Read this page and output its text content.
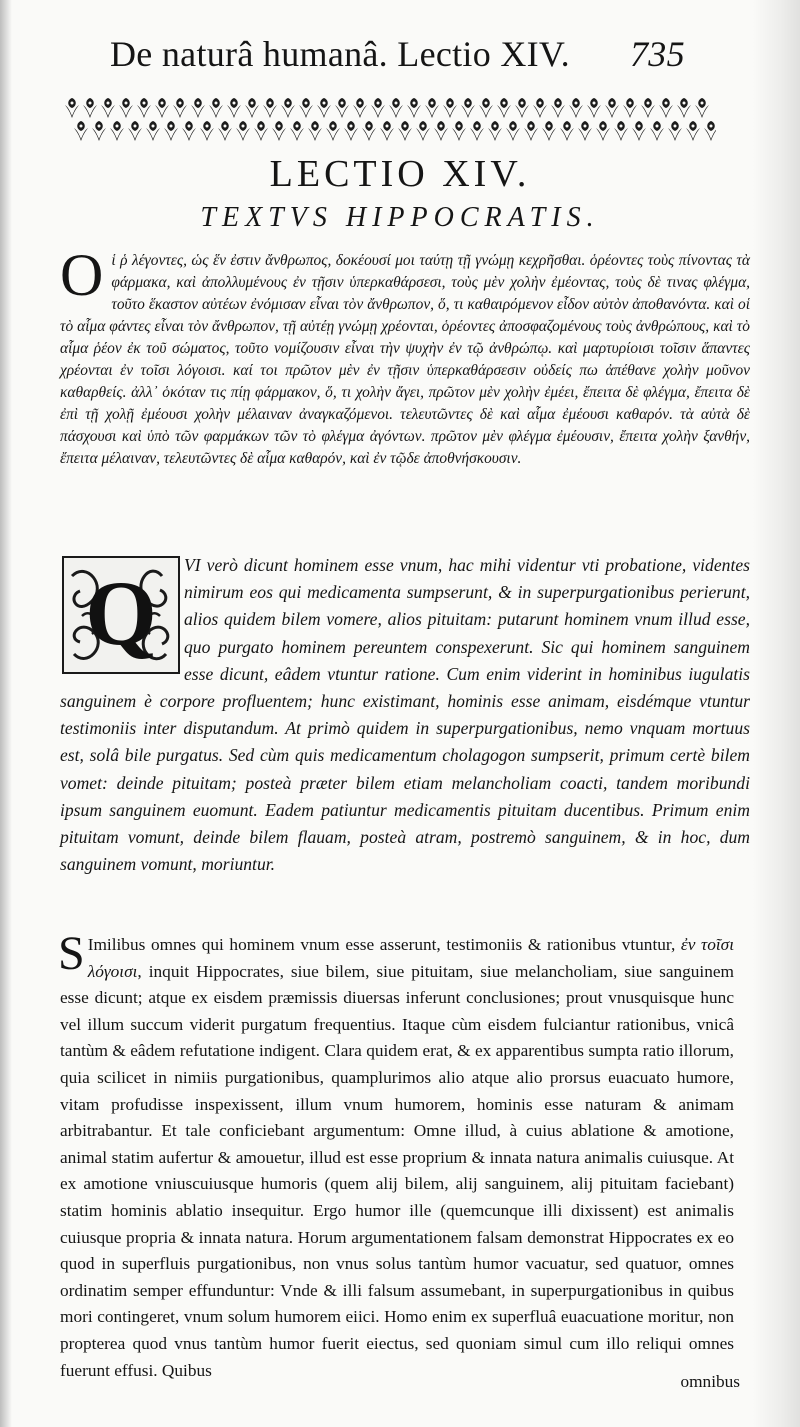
De naturâ humanâ. Lectio XIV. 735
LECTIO XIV.
TEXTVS HIPPOCRATIS.
O ἱ ῥ λέγοντες, ὡς ἕν ἐστιν ἄνθρωπος, δοκέουσί μοι ταύτῃ τῇ γνώμῃ κεχρῆσθαι. ὁρέοντες τοὺς πίνοντας τὰ φάρμακα, καὶ ἀπολλυμένους ἐν τῇσιν ὑπερκαθάρσεσι, τοὺς μὲν χολὴν ἐμέοντας, τοὺς δὲ τινας φλέγμα, τοῦτο ἕκαστον αὐτέων ἐνόμισαν εἶναι τὸν ἄνθρωπον, ὅ, τι καθαιρόμενον εἶδον αὐτὸν ἀποθανόντα. καὶ οἱ τὸ αἷμα φάντες εἶναι τὸν ἄνθρωπον, τῇ αὐτέῃ γνώμῃ χρέονται, ὁρέοντες ἀποσφαζομένους τοὺς ἀνθρώπους, καὶ τὸ αἷμα ῥέον ἐκ τοῦ σώματος, τοῦτο νομίζουσιν εἶναι τὴν ψυχὴν ἐν τῷ ἀνθρώπῳ. καὶ μαρτυρίοισι τοῖσιν ἅπαντες χρέονται ἐν τοῖσι λόγοισι. καί τοι πρῶτον μὲν ἐν τῇσιν ὑπερκαθάρσεσιν οὐδείς πω ἀπέθανε χολὴν μοῦνον καθαρθείς. ἀλλ᾽ ὁκόταν τις πίῃ φάρμακον, ὅ, τι χολὴν ἄγει, πρῶτον μὲν χολὴν ἐμέει, ἔπειτα δὲ φλέγμα, ἔπειτα δὲ ἐπὶ τῇ χολῇ ἐμέουσι χολὴν μέλαιναν ἀναγκαζόμενοι. τελευτῶντες δὲ καὶ αἷμα ἐμέουσι καθαρόν. τὰ αὐτὰ δὲ πάσχουσι καὶ ὑπὸ τῶν φαρμάκων τῶν τὸ φλέγμα ἀγόντων. πρῶτον μὲν φλέγμα ἐμέουσιν, ἔπειτα χολὴν ξανθήν, ἔπειτα μέλαιναν, τελευτῶντες δὲ αἷμα καθαρόν, καὶ ἐν τῷδε ἀποθνήσκουσιν.
VI verò dicunt hominem esse vnum, hac mihi videntur vti probatione, videntes nimirum eos qui medicamenta sumpserunt, & in superpurgationibus perierunt, alios quidem bilem vomere, alios pituitam: putarunt hominem vnum illud esse, quo purgato hominem pereuntem conspexerunt. Sic qui hominem sanguinem esse dicunt, eâdem vtuntur ratione. Cum enim viderint in hominibus iugulatis sanguinem è corpore profluentem; hunc existimant, hominis esse animam, eisdémque vtuntur testimoniis inter disputandum. At primò quidem in superpurgationibus, nemo vnquam mortuus est, solâ bile purgatus. Sed cùm quis medicamentum cholagogon sumpserit, primum certè bilem vomet: deinde pituitam; posteà præter bilem etiam melancholiam coacti, tandem moribundi ipsum sanguinem euomunt. Eadem patiuntur medicamentis pituitam ducentibus. Primum enim pituitam vomunt, deinde bilem flauam, posteà atram, postremò sanguinem, & in hoc, dum sanguinem vomunt, moriuntur.
Q
S Imilibus omnes qui hominem vnum esse asserunt, testimoniis & rationibus vtuntur, ἐν τοῖσι λόγοισι, inquit Hippocrates, siue bilem, siue pituitam, siue melancholiam, siue sanguinem esse dicunt; atque ex eisdem præmissis diuersas inferunt conclusiones; prout vnusquisque hunc vel illum succum viderit purgatum frequentius. Itaque cùm eisdem fulciantur rationibus, vnicâ tantùm & eâdem refutatione indigent. Clara quidem erat, & ex apparentibus sumpta ratio illorum, quia scilicet in nimiis purgationibus, quamplurimos alio atque alio prorsus euacuato humore, vitam profudisse inspexissent, illum vnum humorem, hominis esse naturam & animam arbitrabantur. Et tale conficiebant argumentum: Omne illud, à cuius ablatione & amotione, animal statim aufertur & amouetur, illud est esse proprium & innata natura animalis cuiusque. At ex amotione vniuscuiusque humoris (quem alij bilem, alij sanguinem, alij pituitam faciebant) statim hominis ablatio insequitur. Ergo humor ille (quemcunque illi dixissent) est animalis cuiusque propria & innata natura. Horum argumentationem falsam demonstrat Hippocrates ex eo quod in superfluis purgationibus, non vnus solus tantùm humor vacuatur, sed quatuor, omnes ordinatim semper effunduntur: Vnde & illi falsum assumebant, in superpurgationibus in quibus mori contingeret, vnum solum humorem eiici. Homo enim ex superfluâ euacuatione moritur, non propterea quod vnus tantùm humor fuerit eiectus, sed quoniam simul cum illo reliqui omnes fuerunt effusi. Quibus
omnibus
